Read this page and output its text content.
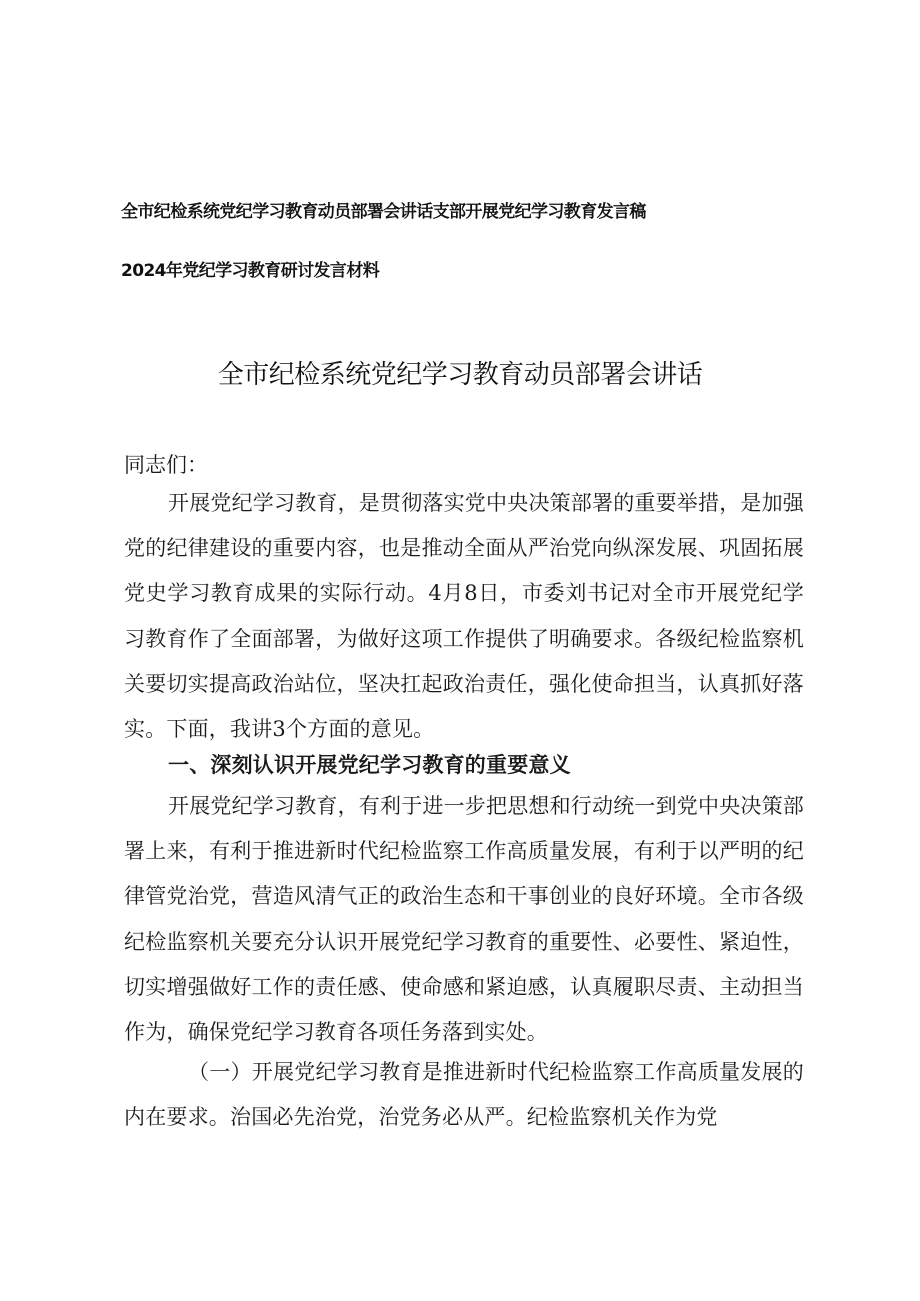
全市纪检系统党纪学习教育动员部署会讲话支部开展党纪学习教育发言稿
2024年党纪学习教育研讨发言材料
全市纪检系统党纪学习教育动员部署会讲话
同志们：

开展党纪学习教育，是贯彻落实党中央决策部署的重要举措，是加强党的纪律建设的重要内容，也是推动全面从严治党向纵深发展、巩固拓展党史学习教育成果的实际行动。4月8日，市委刘书记对全市开展党纪学习教育作了全面部署，为做好这项工作提供了明确要求。各级纪检监察机关要切实提高政治站位，坚决扛起政治责任，强化使命担当，认真抓好落实。下面，我讲3个方面的意见。

一、深刻认识开展党纪学习教育的重要意义

开展党纪学习教育，有利于进一步把思想和行动统一到党中央决策部署上来，有利于推进新时代纪检监察工作高质量发展，有利于以严明的纪律管党治党，营造风清气正的政治生态和干事创业的良好环境。全市各级纪检监察机关要充分认识开展党纪学习教育的重要性、必要性、紧迫性，切实增强做好工作的责任感、使命感和紧迫感，认真履职尽责、主动担当作为，确保党纪学习教育各项任务落到实处。

（一）开展党纪学习教育是推进新时代纪检监察工作高质量发展的内在要求。治国必先治党，治党务必从严。纪检监察机关作为党
